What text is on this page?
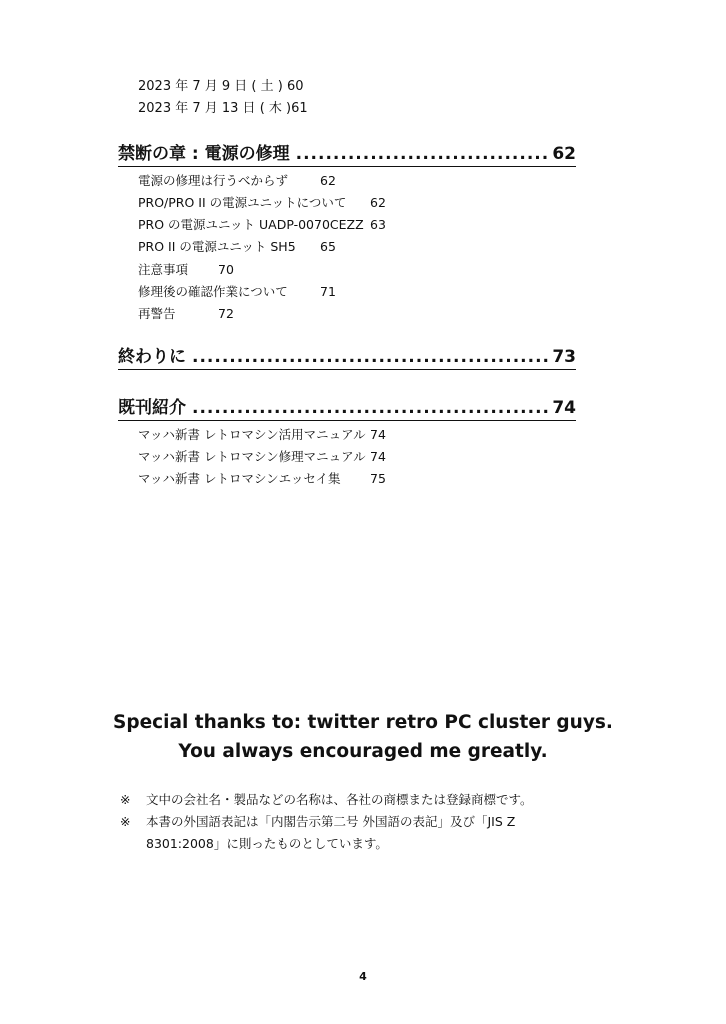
2023 年 7 月 9 日 ( 土 ) 60
2023 年 7 月 13 日 ( 木 )61
禁断の章 : 電源の修理 .....	62
電源の修理は行うべからず	62
PRO/PRO II の電源ユニットについて 62
PRO の電源ユニット UADP-0070CEZZ 63
PRO II の電源ユニット SH5 65
注意事項 70
修理後の確認作業について	71
再警告	72
終わりに .....	73
既刊紹介 .....	74
マッハ新書 レトロマシン活用マニュアル 74
マッハ新書 レトロマシン修理マニュアル 74
マッハ新書 レトロマシンエッセイ集 75
Special thanks to: twitter retro PC cluster guys.
You always encouraged me greatly.
※ 文中の会社名・製品などの名称は、各社の商標または登録商標です。
※ 本書の外国語表記は「内閣告示第二号 外国語の表記」及び「JIS Z
8301:2008」に則ったものとしています。
4
